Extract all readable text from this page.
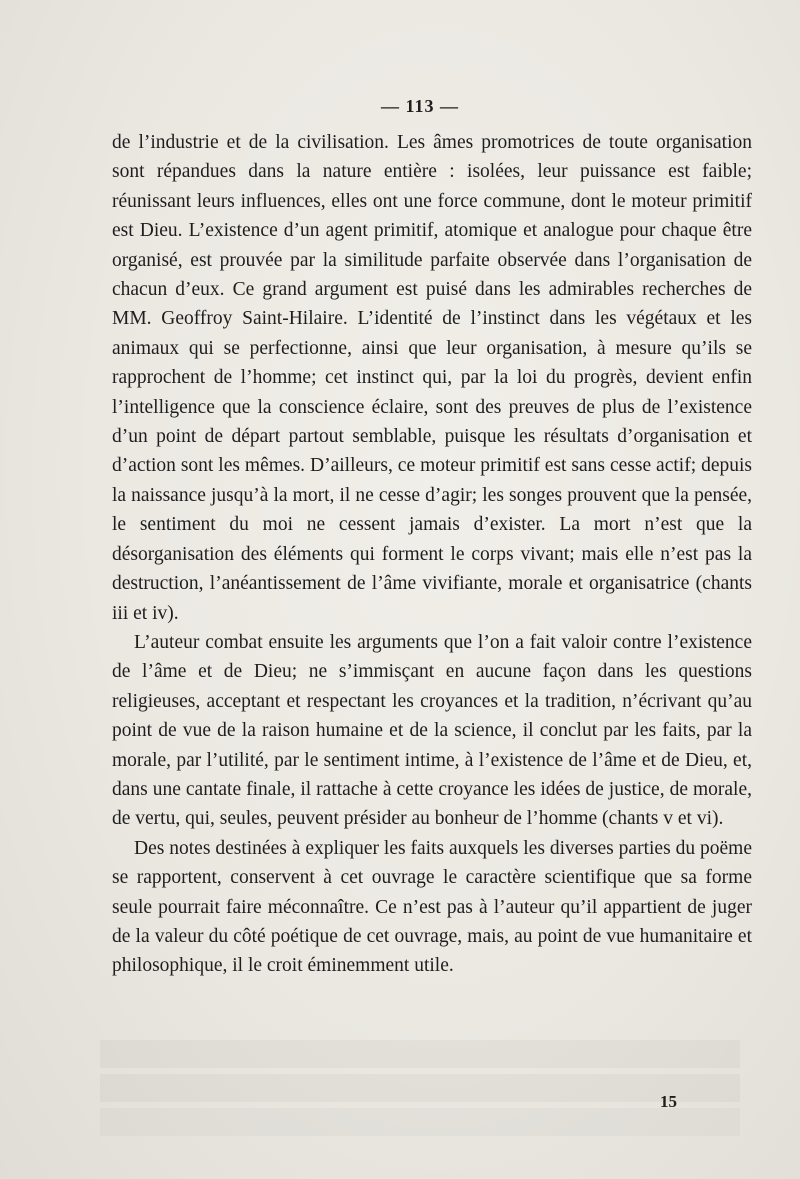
— 113 —

de l’industrie et de la civilisation. Les âmes promotrices de toute organisation sont répandues dans la nature entière : isolées, leur puissance est faible; réunissant leurs influences, elles ont une force commune, dont le moteur primitif est Dieu. L’existence d’un agent primitif, atomique et analogue pour chaque être organisé, est prouvée par la similitude parfaite observée dans l’organisation de chacun d’eux. Ce grand argument est puisé dans les admirables recherches de MM. Geoffroy Saint-Hilaire. L’identité de l’instinct dans les végétaux et les animaux qui se perfectionne, ainsi que leur organisation, à mesure qu’ils se rapprochent de l’homme; cet instinct qui, par la loi du progrès, devient enfin l’intelligence que la conscience éclaire, sont des preuves de plus de l’existence d’un point de départ partout semblable, puisque les résultats d’organisation et d’action sont les mêmes. D’ailleurs, ce moteur primitif est sans cesse actif; depuis la naissance jusqu’à la mort, il ne cesse d’agir; les songes prouvent que la pensée, le sentiment du moi ne cessent jamais d’exister. La mort n’est que la désorganisation des éléments qui forment le corps vivant; mais elle n’est pas la destruction, l’anéantissement de l’âme vivifiante, morale et organisatrice (chants iii et iv).

L’auteur combat ensuite les arguments que l’on a fait valoir contre l’existence de l’âme et de Dieu; ne s’immisçant en aucune façon dans les questions religieuses, acceptant et respectant les croyances et la tradition, n’écrivant qu’au point de vue de la raison humaine et de la science, il conclut par les faits, par la morale, par l’utilité, par le sentiment intime, à l’existence de l’âme et de Dieu, et, dans une cantate finale, il rattache à cette croyance les idées de justice, de morale, de vertu, qui, seules, peuvent présider au bonheur de l’homme (chants v et vi).

Des notes destinées à expliquer les faits auxquels les diverses parties du poëme se rapportent, conservent à cet ouvrage le caractère scientifique que sa forme seule pourrait faire méconnaître. Ce n’est pas à l’auteur qu’il appartient de juger de la valeur du côté poétique de cet ouvrage, mais, au point de vue humanitaire et philosophique, il le croit éminemment utile.

15
